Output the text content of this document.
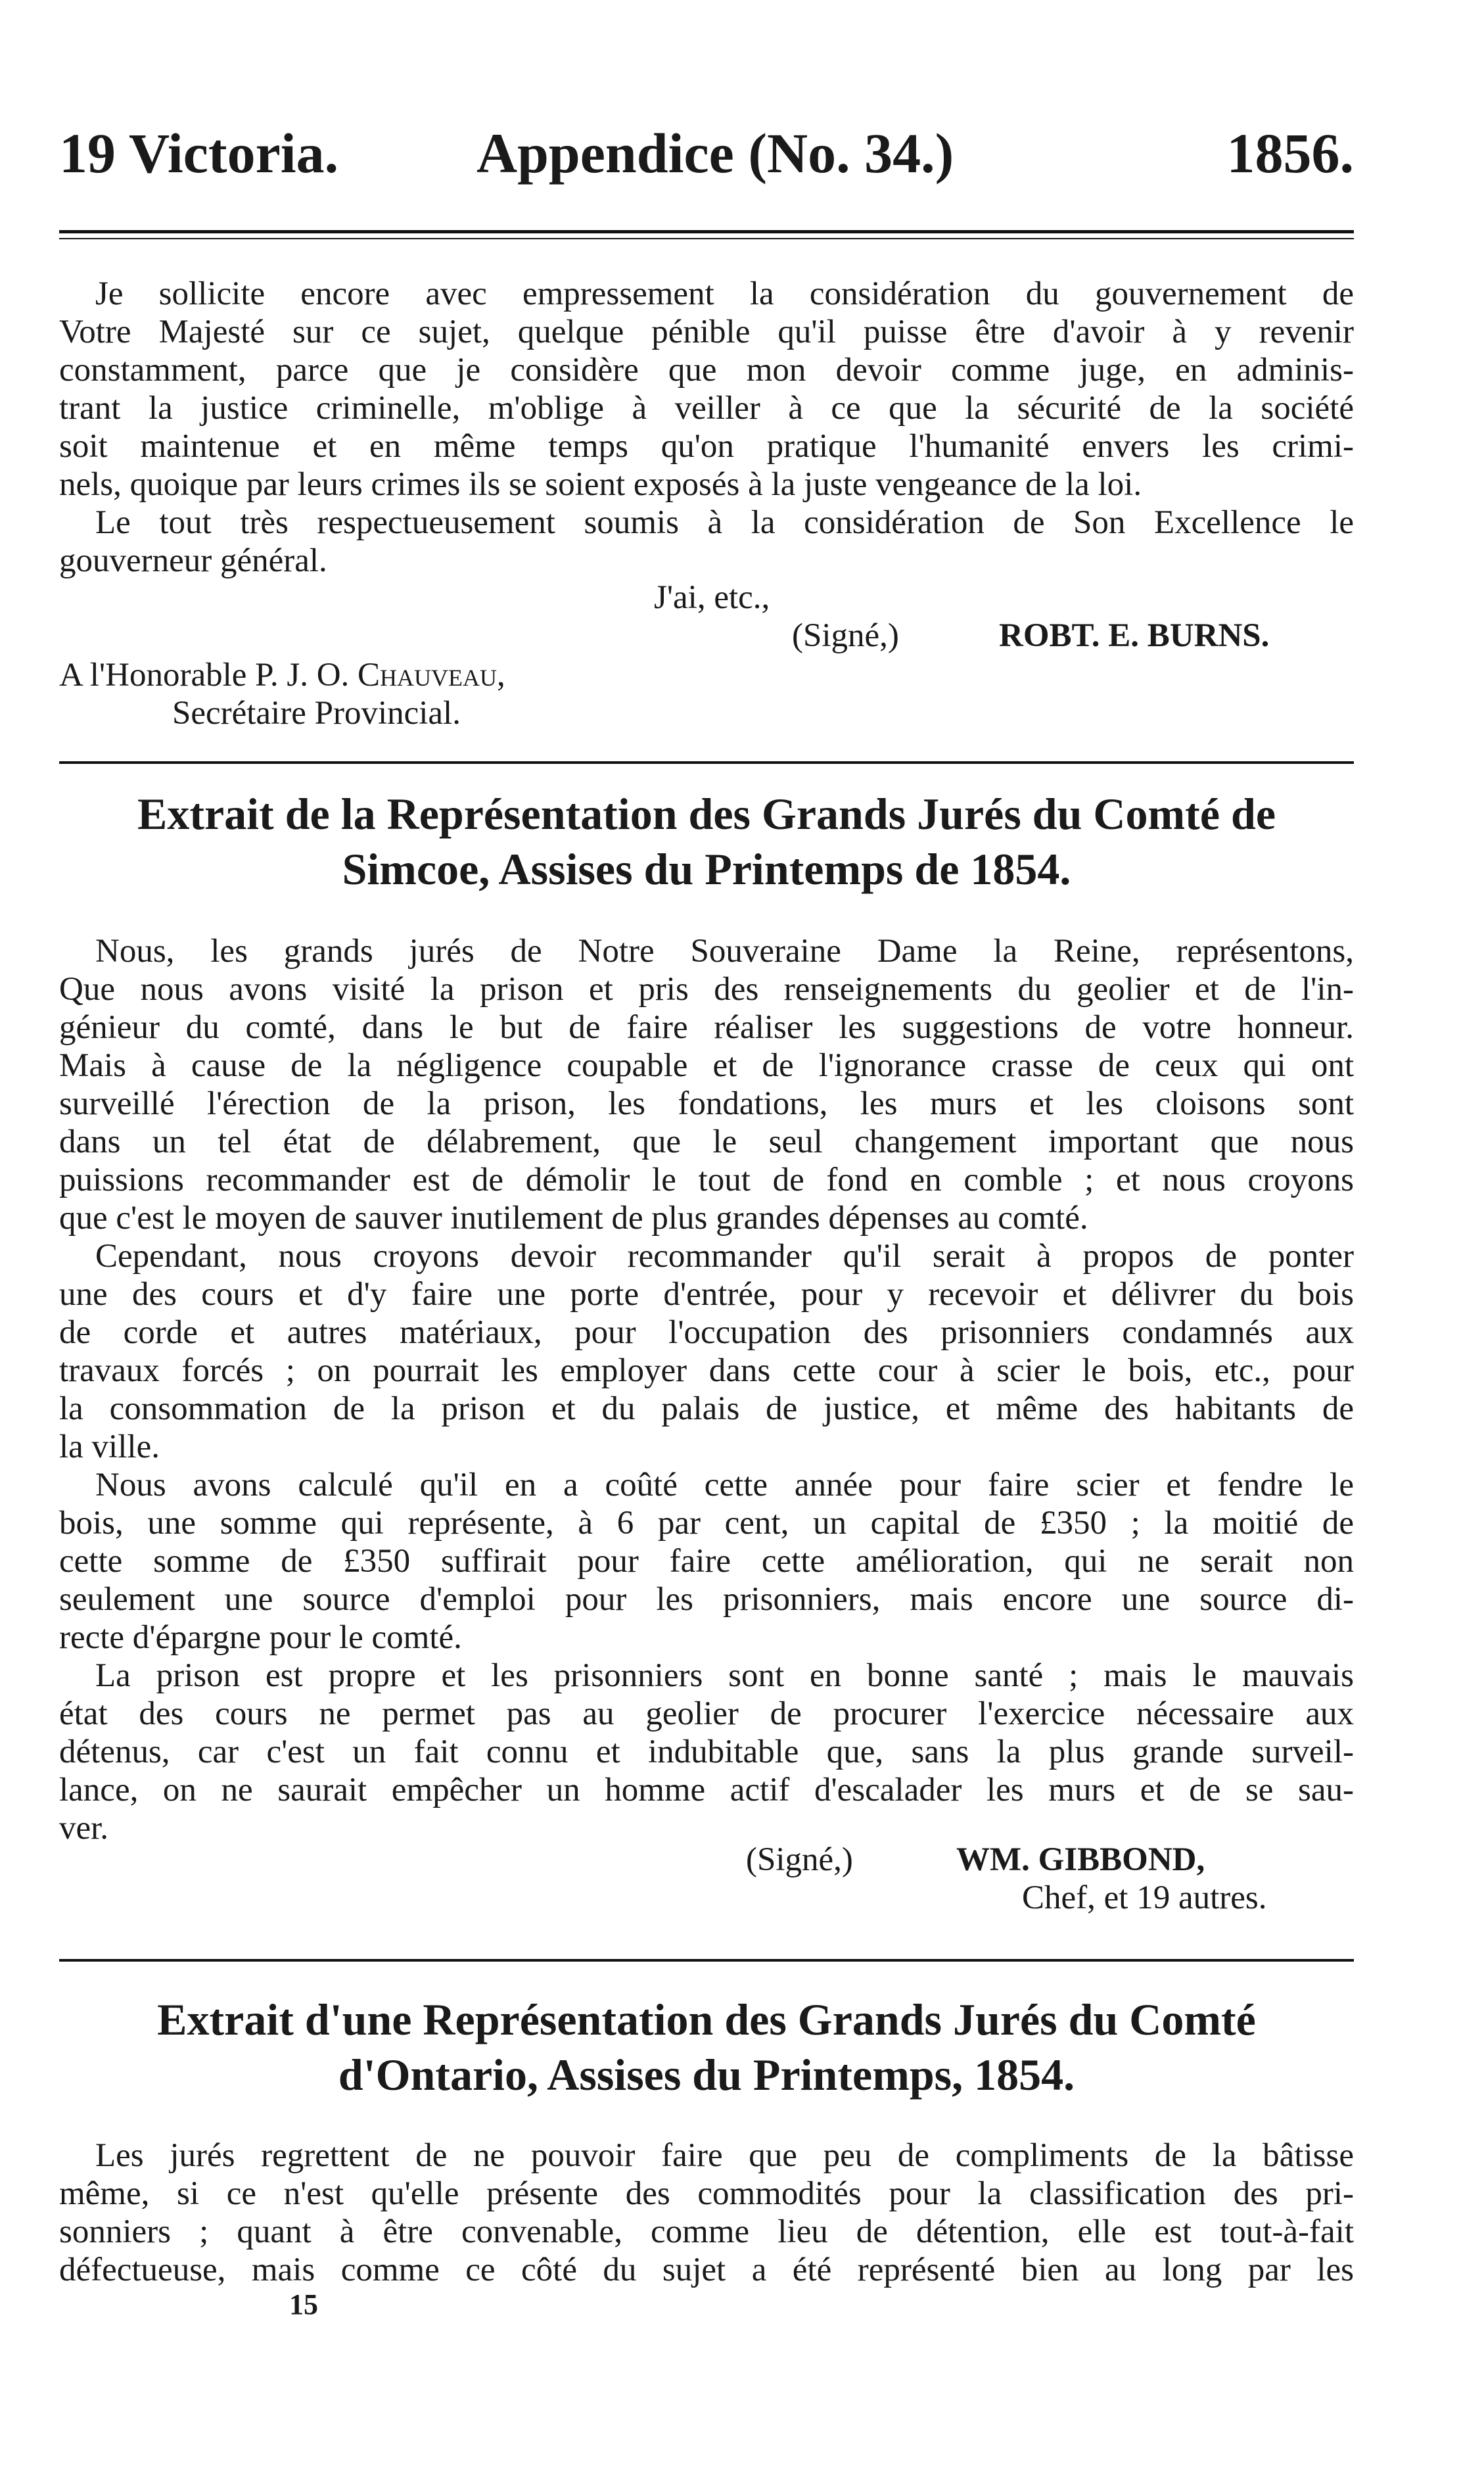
19 Victoria. Appendice (No. 34.)	1856.
Je sollicite encore avec empressement la considération du gouvernement de
Votre Majesté sur ce sujet, quelque pénible qu'il puisse être d'avoir à y revenir
constamment, parce que je considère que mon devoir comme juge, en adminis-
trant la justice criminelle, m'oblige à veiller à ce que la sécurité de la société
soit maintenue et en même temps qu'on pratique l'humanité envers les crimi-
nels, quoique par leurs crimes ils se soient exposés à la juste vengeance de la loi.
Le tout très respectueusement soumis à la considération de Son Excellence le
gouverneur général.
J'ai, etc.,
(Signé,)	ROBT. E. BURNS.
A l'Honorable P. J. O. Chauveau,
Secrétaire Provincial.
Extrait de la Représentation des Grands Jurés du Comté de
Simcoe, Assises du Printemps de 1854.
Nous, les grands jurés de Notre Souveraine Dame la Reine, représentons,
Que nous avons visité la prison et pris des renseignements du geolier et de l'in-
génieur du comté, dans le but de faire réaliser les suggestions de votre honneur.
Mais à cause de la négligence coupable et de l'ignorance crasse de ceux qui ont
surveillé l'érection de la prison, les fondations, les murs et les cloisons sont
dans un tel état de délabrement, que le seul changement important que nous
puissions recommander est de démolir le tout de fond en comble ; et nous croyons
que c'est le moyen de sauver inutilement de plus grandes dépenses au comté.
Cependant, nous croyons devoir recommander qu'il serait à propos de ponter
une des cours et d'y faire une porte d'entrée, pour y recevoir et délivrer du bois
de corde et autres matériaux, pour l'occupation des prisonniers condamnés aux
travaux forcés ; on pourrait les employer dans cette cour à scier le bois, etc., pour
la consommation de la prison et du palais de justice, et même des habitants de
la ville.
Nous avons calculé qu'il en a coûté cette année pour faire scier et fendre le
bois, une somme qui représente, à 6 par cent, un capital de £350 ; la moitié de
cette somme de £350 suffirait pour faire cette amélioration, qui ne serait non
seulement une source d'emploi pour les prisonniers, mais encore une source di-
recte d'épargne pour le comté.
La prison est propre et les prisonniers sont en bonne santé ; mais le mauvais
état des cours ne permet pas au geolier de procurer l'exercice nécessaire aux
détenus, car c'est un fait connu et indubitable que, sans la plus grande surveil-
lance, on ne saurait empêcher un homme actif d'escalader les murs et de se sau-
ver.
(Signé,)	WM. GIBBOND,
Chef, et 19 autres.
Extrait d'une Représentation des Grands Jurés du Comté
d'Ontario, Assises du Printemps, 1854.
Les jurés regrettent de ne pouvoir faire que peu de compliments de la bâtisse
même, si ce n'est qu'elle présente des commodités pour la classification des pri-
sonniers ; quant à être convenable, comme lieu de détention, elle est tout-à-fait
défectueuse, mais comme ce côté du sujet a été représenté bien au long par les
15
